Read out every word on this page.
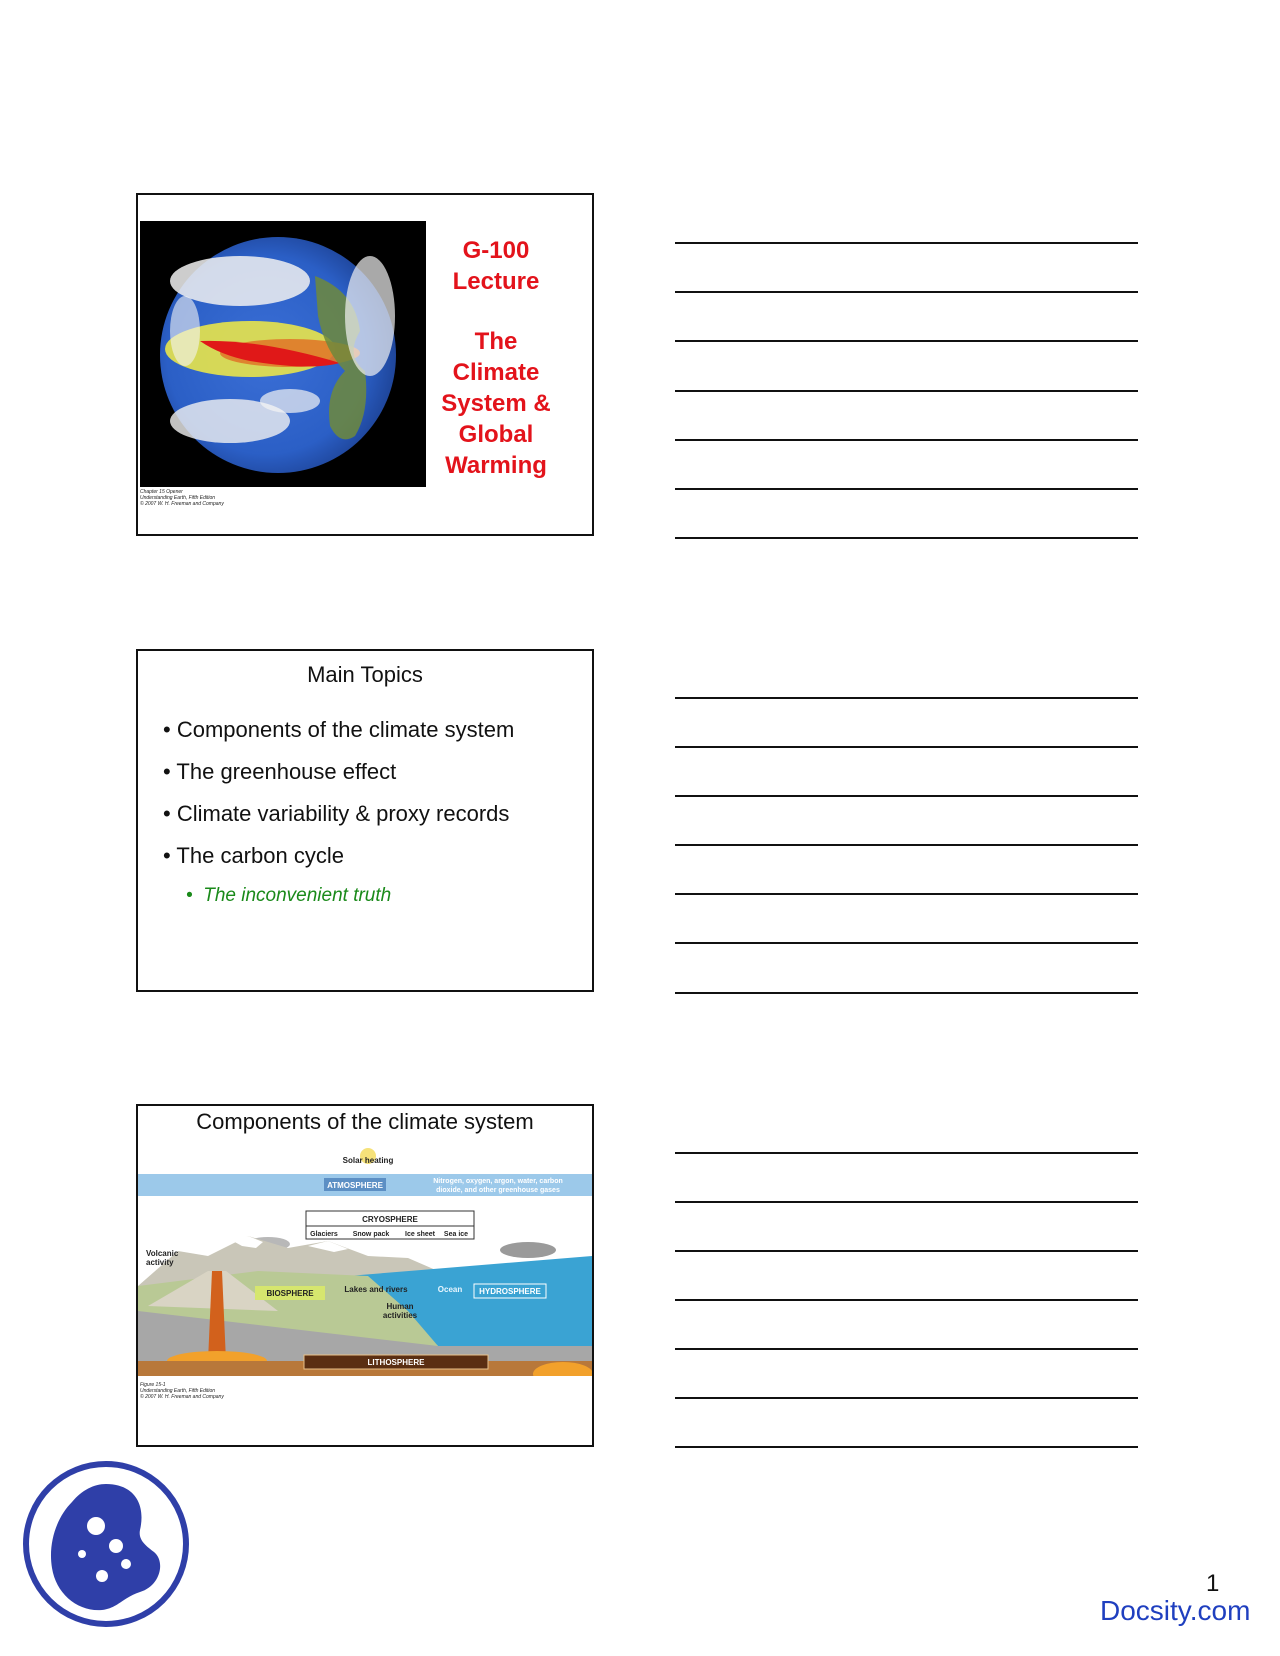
Chapter 15 Opener
Understanding Earth, Fifth Edition
© 2007 W. H. Freeman and Company
G-100
Lecture
The Climate
System &
Global
Warming
Main Topics
• Components of the climate system
• The greenhouse effect
• Climate variability & proxy records
• The carbon cycle
•  The inconvenient truth
Components of the climate system
Solar heating
ATMOSPHERE	Nitrogen, oxygen, argon, water, carbon
dioxide, and other greenhouse gases
CRYOSPHERE
Glaciers Snow pack Ice sheet Sea ice
Volcanic
activity
BIOSPHERE	Lakes and rivers	Ocean HYDROSPHERE
Human
activities
LITHOSPHERE
Figure 15-1
Understanding Earth, Fifth Edition
© 2007 W. H. Freeman and Company
1
Docsity.com
